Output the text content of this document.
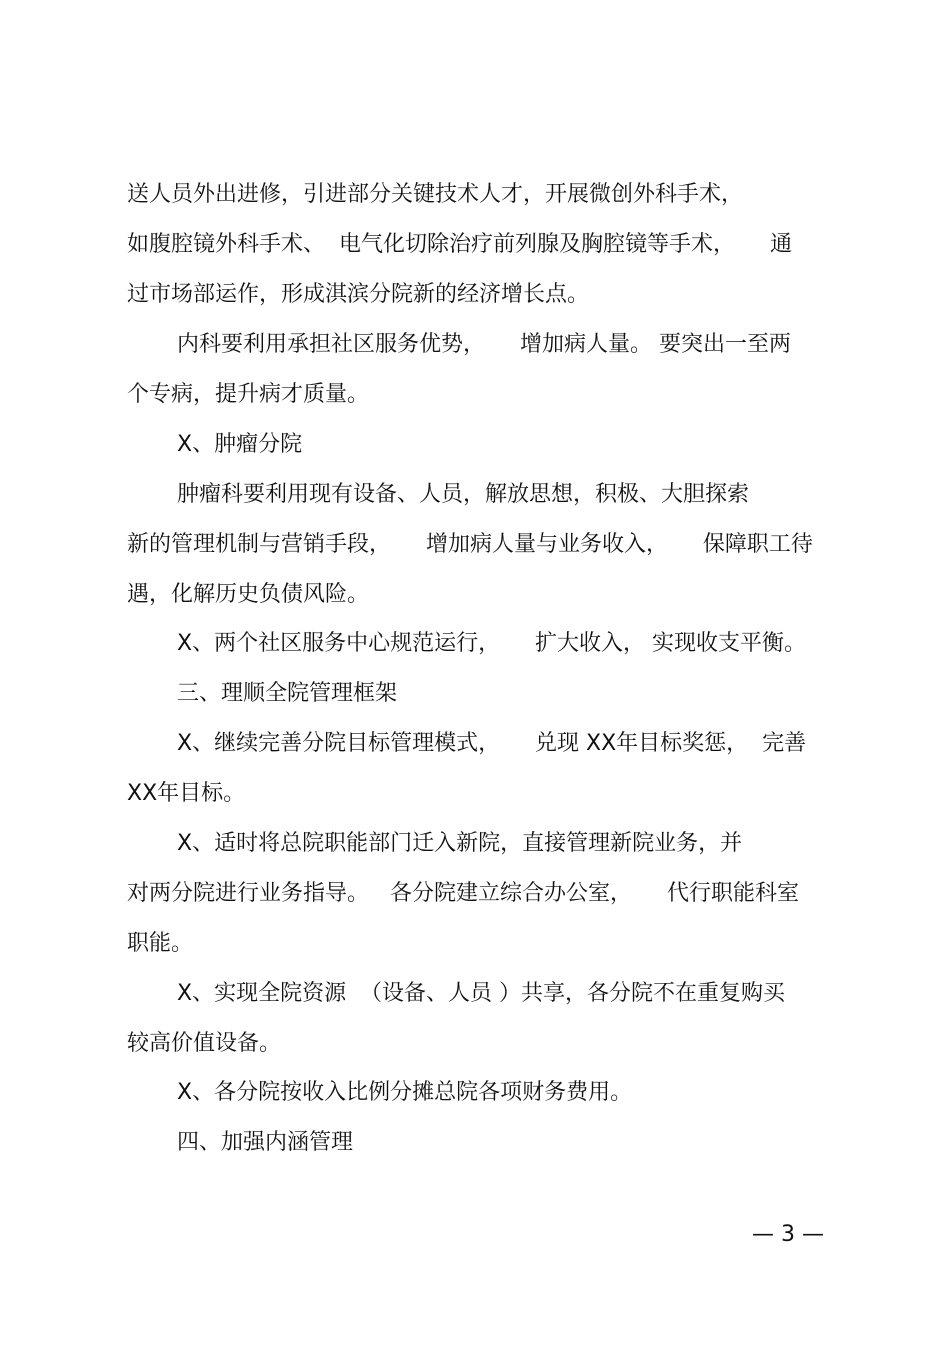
送人员外出进修，引进部分关键技术人才，开展微创外科手术，
如腹腔镜外科手术、  电气化切除治疗前列腺及胸腔镜等手术，     通
过市场部运作，形成淇滨分院新的经济增长点。
内科要利用承担社区服务优势，     增加病人量。 要突出一至两
个专病，提升病才质量。
X、肿瘤分院
肿瘤科要利用现有设备、人员，解放思想，积极、大胆探索
新的管理机制与营销手段，     增加病人量与业务收入，     保障职工待
遇，化解历史负债风险。
X、两个社区服务中心规范运行，     扩大收入， 实现收支平衡。
三、理顺全院管理框架
X、继续完善分院目标管理模式，     兑现 XX年目标奖惩，  完善
XX年目标。
X、适时将总院职能部门迁入新院，直接管理新院业务，并
对两分院进行业务指导。   各分院建立综合办公室，     代行职能科室
职能。
X、实现全院资源  （设备、人员 ）共享，各分院不在重复购买
较高价值设备。
X、各分院按收入比例分摊总院各项财务费用。
四、加强内涵管理
— 3 —
